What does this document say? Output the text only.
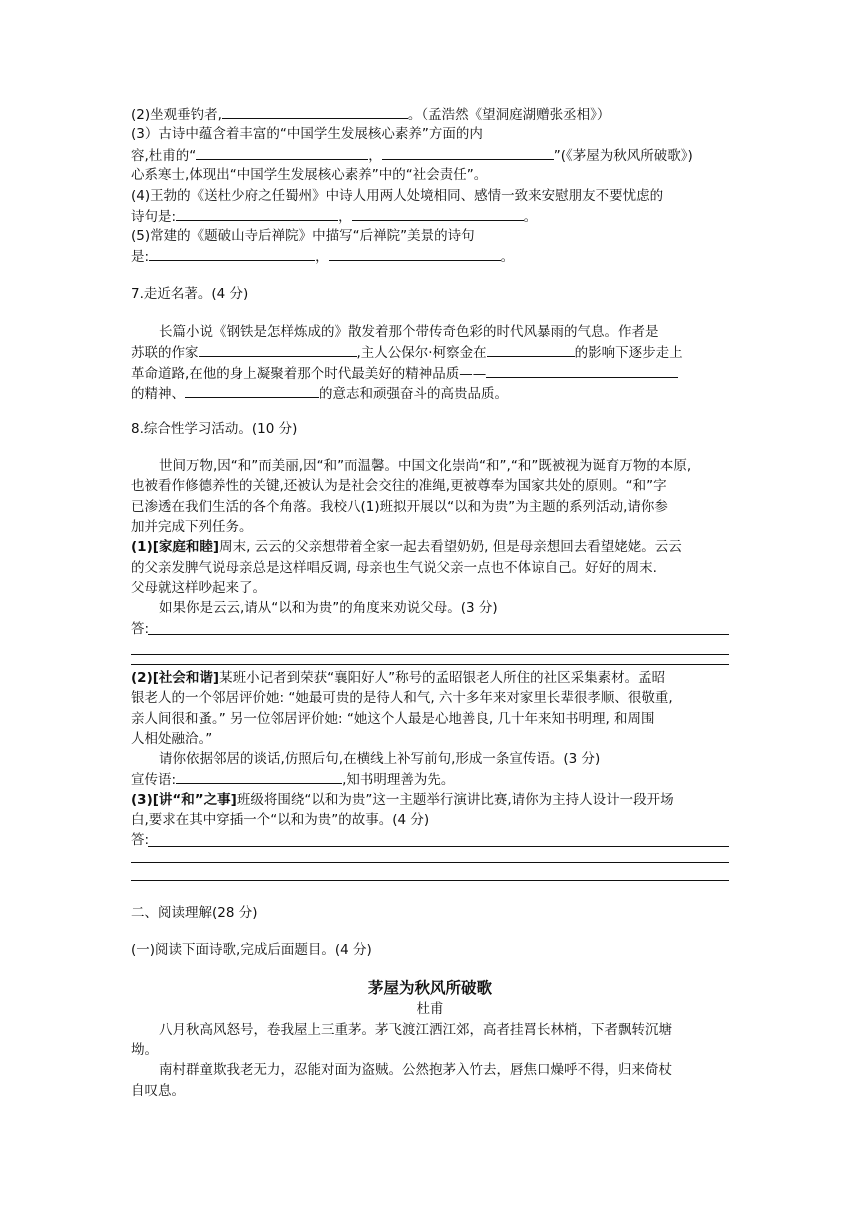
(2)坐观垂钓者,	。（孟浩然《望洞庭湖赠张丞相》）
(3）古诗中蕴含着丰富的“中国学生发展核心素养”方面的内
容,杜甫的“	，	”(《茅屋为秋风所破歌》)
心系寒士,体现出“中国学生发展核心素养”中的“社会责任”。
(4)王勃的《送杜少府之任蜀州》中诗人用两人处境相同、感情一致来安慰朋友不要忧虑的
诗句是:	，	。
(5)常建的《题破山寺后禅院》中描写“后禅院”美景的诗句
是:	，	。
7.走近名著。(4 分)
长篇小说《钢铁是怎样炼成的》散发着那个带传奇色彩的时代风暴雨的气息。作者是
苏联的作家	,主人公保尔·柯察金在	的影响下逐步走上
革命道路,在他的身上凝聚着那个时代最美好的精神品质——
的精神、	的意志和顽强奋斗的高贵品质。
8.综合性学习活动。(10 分)
世间万物,因“和”而美丽,因“和”而温馨。中国文化崇尚“和”,“和”既被视为诞育万物的本原,
也被看作修德养性的关键,还被认为是社会交往的准绳,更被尊奉为国家共处的原则。“和”字
已渗透在我们生活的各个角落。我校八(1)班拟开展以“以和为贵”为主题的系列活动,请你参
加并完成下列任务。
(1)[家庭和睦]周末, 云云的父亲想带着全家一起去看望奶奶, 但是母亲想回去看望姥姥。云云
的父亲发脾气说母亲总是这样唱反调, 母亲也生气说父亲一点也不体谅自己。好好的周末.
父母就这样吵起来了。
如果你是云云,请从“以和为贵”的角度来劝说父母。(3 分)
答:
(2)[社会和谐]某班小记者到荣获“襄阳好人”称号的孟昭银老人所住的社区采集素材。孟昭
银老人的一个邻居评价她: “她最可贵的是待人和气, 六十多年来对家里长辈很孝顺、很敬重,
亲人间很和蚤。” 另一位邻居评价她: “她这个人最是心地善良, 几十年来知书明理, 和周围
人相处融洽。”
请你依据邻居的谈话,仿照后句,在横线上补写前句,形成一条宣传语。(3 分)
宣传语:	,知书明理善为先。
(3)[讲“和”之事]班级将围绕“以和为贵”这一主题举行演讲比赛,请你为主持人设计一段开场
白,要求在其中穿插一个“以和为贵”的故事。(4 分)
答:
二、阅读理解(28 分)
(一)阅读下面诗歌,完成后面题目。(4 分)
茅屋为秋风所破歌
杜甫
八月秋高风怒号，卷我屋上三重茅。茅飞渡江洒江郊，高者挂罥长林梢，下者飘转沉塘
坳。
南村群童欺我老无力，忍能对面为盗贼。公然抱茅入竹去，唇焦口燥呼不得，归来倚杖
自叹息。
